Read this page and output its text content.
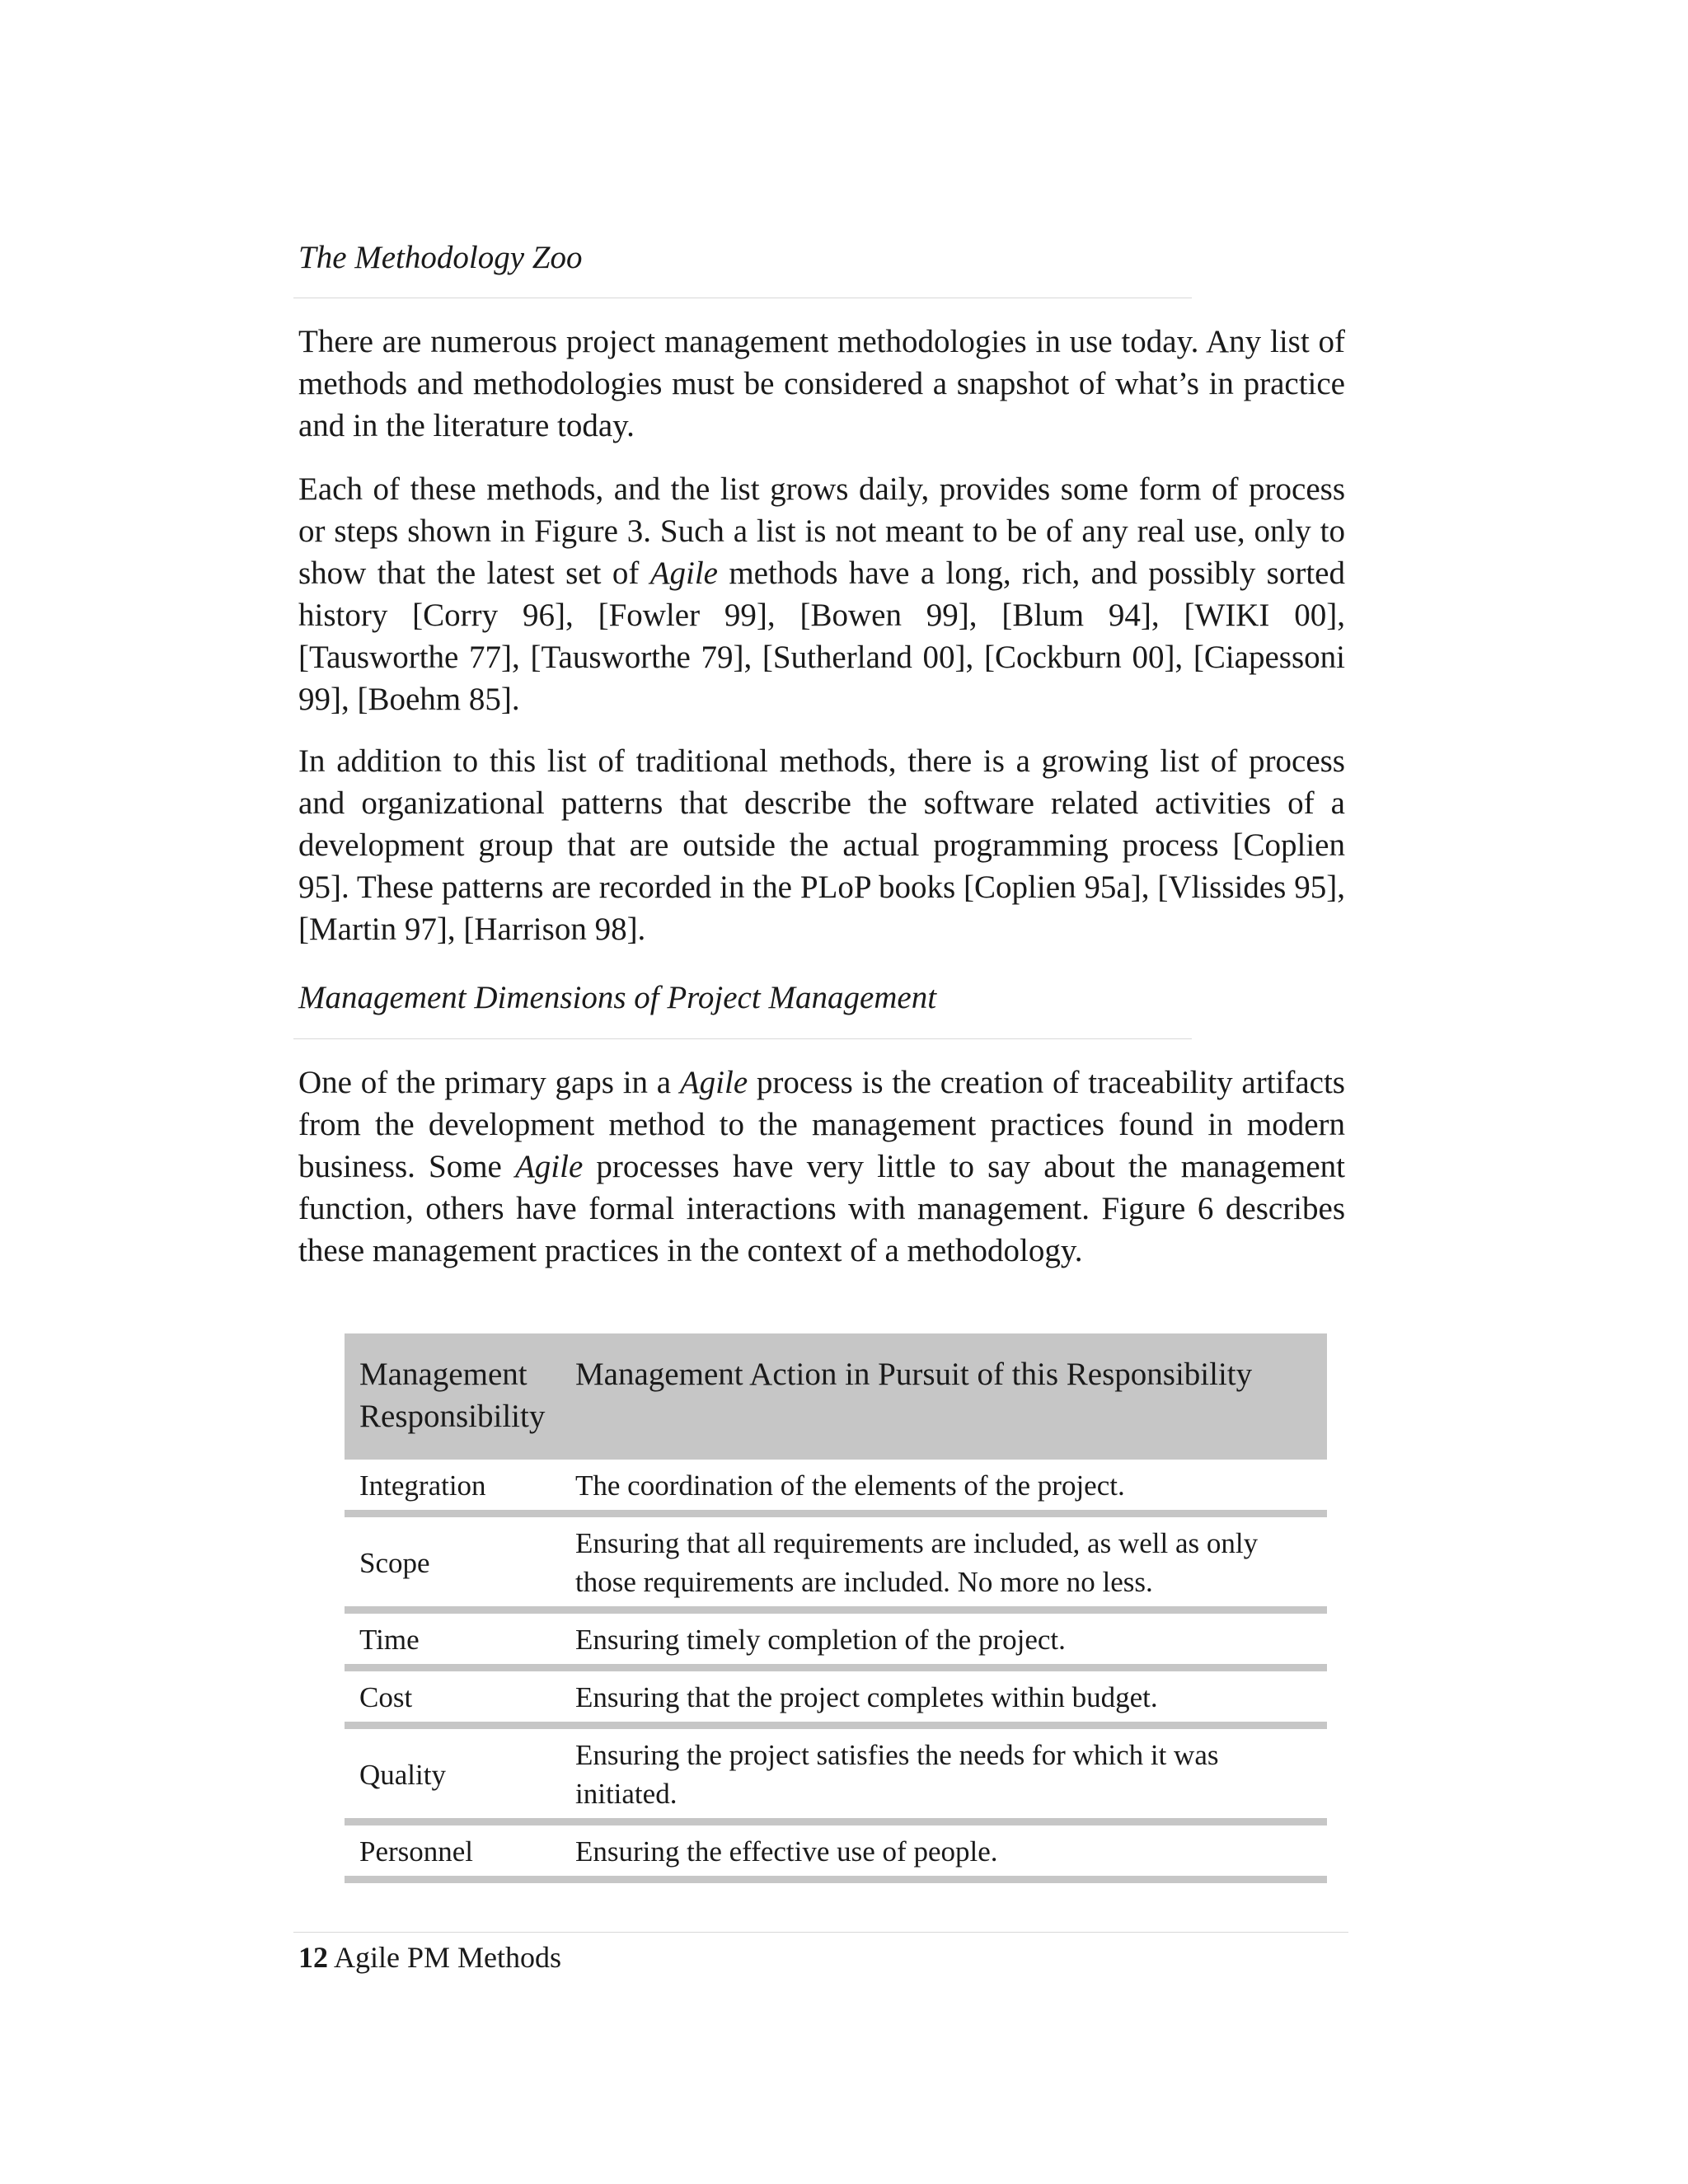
The Methodology Zoo

There are numerous project management methodologies in use today. Any list of methods and methodologies must be considered a snapshot of what’s in practice and in the literature today.

Each of these methods, and the list grows daily, provides some form of process or steps shown in Figure 3. Such a list is not meant to be of any real use, only to show that the latest set of Agile methods have a long, rich, and possibly sorted history [Corry 96], [Fowler 99], [Bowen 99], [Blum 94], [WIKI 00], [Tausworthe 77], [Tausworthe 79], [Sutherland 00], [Cockburn 00], [Ciapessoni 99], [Boehm 85].

In addition to this list of traditional methods, there is a growing list of process and organizational patterns that describe the software related activities of a development group that are outside the actual programming process [Coplien 95]. These patterns are recorded in the PLoP books [Coplien 95a], [Vlissides 95], [Martin 97], [Harrison 98].

Management Dimensions of Project Management

One of the primary gaps in a Agile process is the creation of traceability artifacts from the development method to the management practices found in modern business. Some Agile processes have very little to say about the management function, others have formal interactions with management. Figure 6 describes these management practices in the context of a methodology.

Management Responsibility	Management Action in Pursuit of this Responsibility
Integration	The coordination of the elements of the project.
Scope	Ensuring that all requirements are included, as well as only those requirements are included. No more no less.
Time	Ensuring timely completion of the project.
Cost	Ensuring that the project completes within budget.
Quality	Ensuring the project satisfies the needs for which it was initiated.
Personnel	Ensuring the effective use of people.
12 Agile PM Methods
